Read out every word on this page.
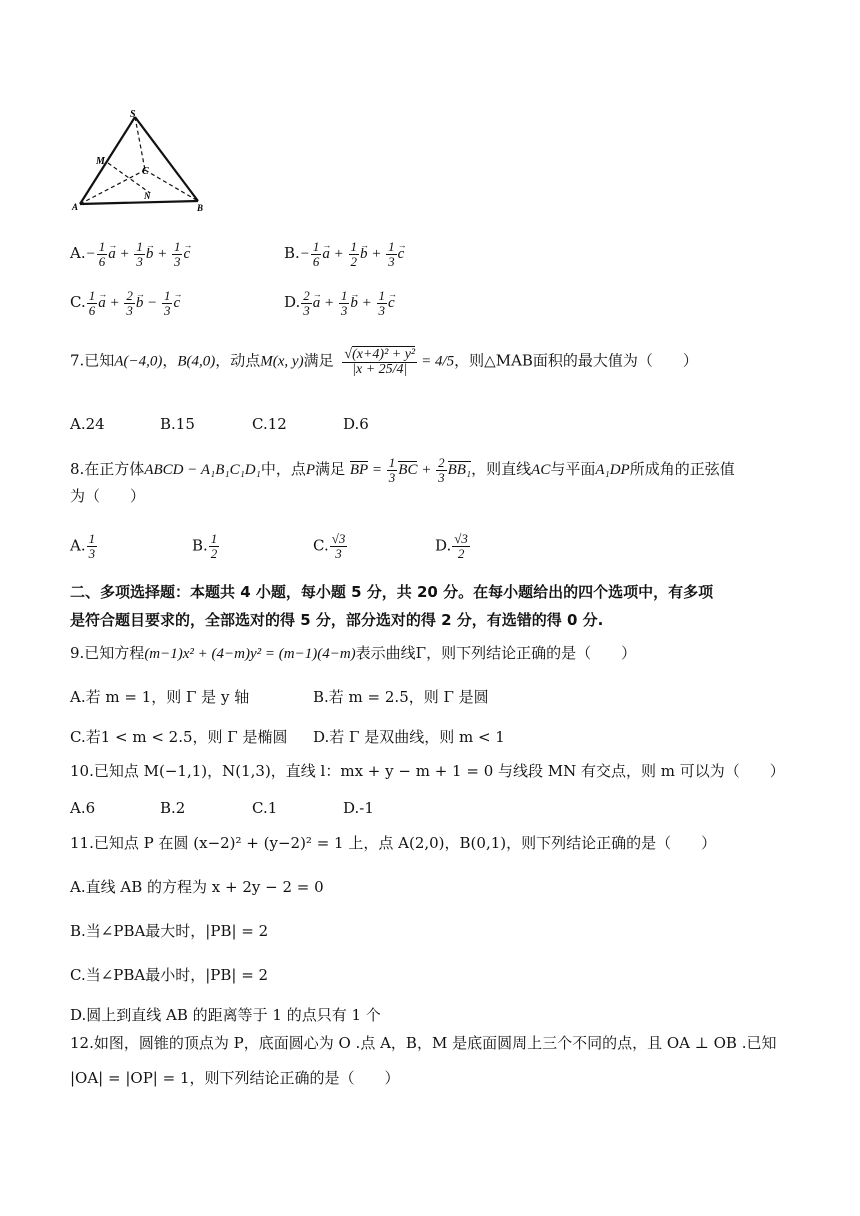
S
M
C
N
A	B
$A.- \frac{1}{6}$
→ $a + \frac{1}{3}$
→ $b + \frac{1}{3}$
→ c	$B.- \frac{1}{6}$
→ $a + \frac{1}{2}$
→ $b + \frac{1}{3}$
→ c
C. $\frac{1}{6}$
→ $a + \frac{2}{3}$
→ $b - \frac{1}{3}$
→ c	D. $\frac{2}{3}$
→ $a + \frac{1}{3}$
→ $b + \frac{1}{3}$
→ c
7.已知A(−4,0)，B(4,0)，动点M(x, y)满足 $\frac{\text{√(x+4)² + y²}}{|x + 25/4|} = 4/5$，则△MAB面积的最大值为（　　）
A.24	B.15	C.12	D.6
8.在正方体ABCD − A₁B₁C₁D₁中，点P满足 BP = $\frac{1}{3}$ BC + $\frac{2}{3} BB_1$，则直线AC与平面A₁DP所成角的正弦值
为（　　）
A. $\frac{1}{3}$	B. $\frac{1}{2}$	C. $\frac{√3}{3}$	D. $\frac{√3}{2}$
二、多项选择题：本题共 4 小题，每小题 5 分，共 20 分。在每小题给出的四个选项中，有多项
是符合题目要求的，全部选对的得 5 分，部分选对的得 2 分，有选错的得 0 分.
9.已知方程(m−1)x² + (4−m)y² = (m−1)(4−m)表示曲线Γ，则下列结论正确的是（　　）
A.若 m = 1，则 Γ 是 y 轴	B.若 m = 2.5，则 Γ 是圆
C.若1 < m < 2.5，则 Γ 是椭圆 D.若 Γ 是双曲线，则 m < 1
10.已知点 M(−1,1)，N(1,3)，直线 l：mx + y − m + 1 = 0 与线段 MN 有交点，则 m 可以为（　　）
A.6	B.2	C.1	D.-1
11.已知点 P 在圆 (x−2)² + (y−2)² = 1 上，点 A(2,0)，B(0,1)，则下列结论正确的是（　　）
A.直线 AB 的方程为 x + 2y − 2 = 0
B.当∠PBA最大时，|PB| = 2
C.当∠PBA最小时，|PB| = 2
D.圆上到直线 AB 的距离等于 1 的点只有 1 个
12.如图，圆锥的顶点为 P，底面圆心为 O .点 A，B，M 是底面圆周上三个不同的点，且 OA ⊥ OB .已知
|OA| = |OP| = 1，则下列结论正确的是（　　）
